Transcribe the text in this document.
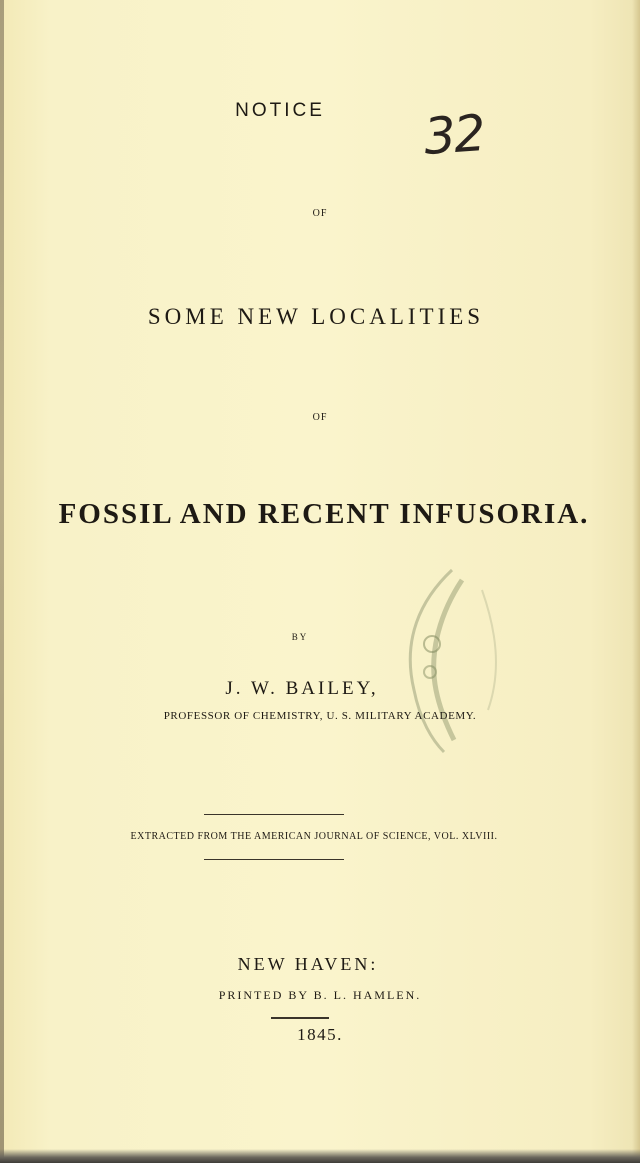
NOTICE	32
OF
SOME NEW LOCALITIES
OF
FOSSIL AND RECENT INFUSORIA.
BY
J. W. BAILEY,
PROFESSOR OF CHEMISTRY, U. S. MILITARY ACADEMY.
EXTRACTED FROM THE AMERICAN JOURNAL OF SCIENCE, VOL. XLVIII.
NEW HAVEN:
PRINTED BY B. L. HAMLEN.
1845.
